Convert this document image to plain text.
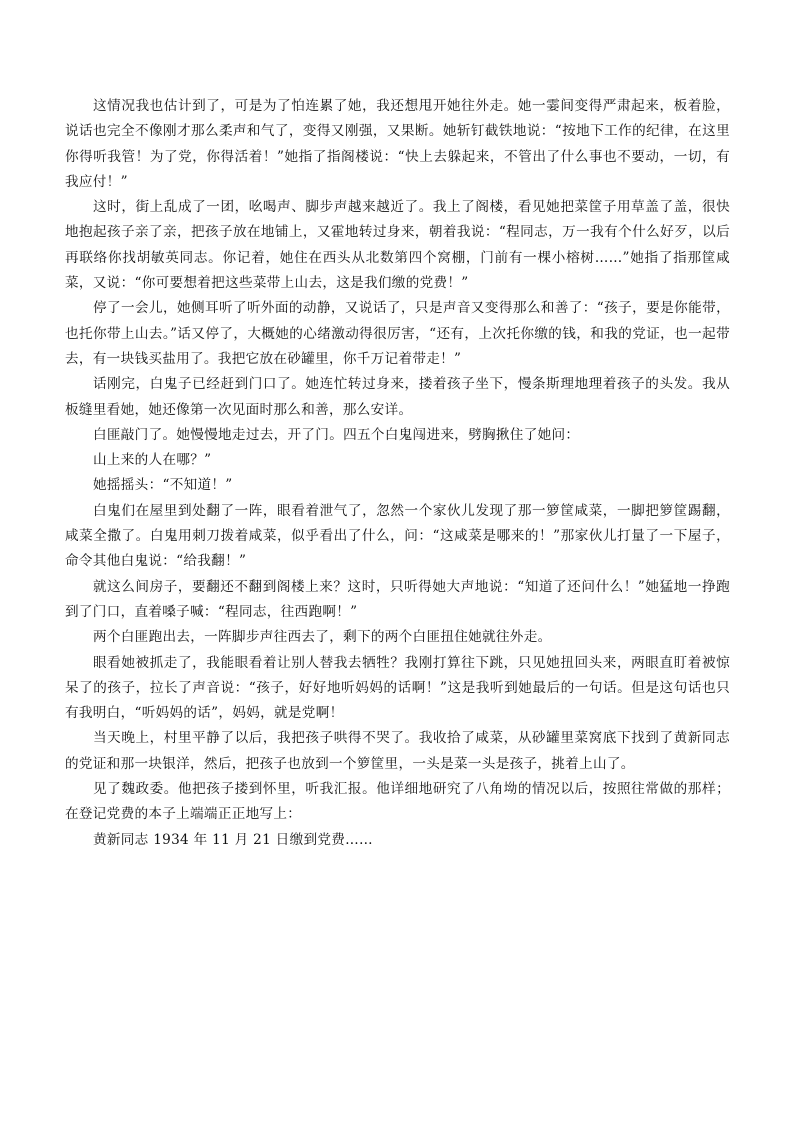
这情况我也估计到了，可是为了怕连累了她，我还想甩开她往外走。她一霎间变得严肃起来，板着脸，说话也完全不像刚才那么柔声和气了，变得又刚强，又果断。她斩钉截铁地说：“按地下工作的纪律，在这里你得听我管！为了党，你得活着！”她指了指阁楼说：“快上去躲起来，不管出了什么事也不要动，一切，有我应付！”

这时，街上乱成了一团，吆喝声、脚步声越来越近了。我上了阁楼，看见她把菜筐子用草盖了盖，很快地抱起孩子亲了亲，把孩子放在地铺上，又霍地转过身来，朝着我说：“程同志，万一我有个什么好歹，以后再联络你找胡敏英同志。你记着，她住在西头从北数第四个窝棚，门前有一棵小榕树……”她指了指那筐咸菜，又说：“你可要想着把这些菜带上山去，这是我们缴的党费！”

停了一会儿，她侧耳听了听外面的动静，又说话了，只是声音又变得那么和善了：“孩子，要是你能带，也托你带上山去。”话又停了，大概她的心绪激动得很厉害，“还有，上次托你缴的钱，和我的党证，也一起带去，有一块钱买盐用了。我把它放在砂罐里，你千万记着带走！”

话刚完，白鬼子已经赶到门口了。她连忙转过身来，搂着孩子坐下，慢条斯理地理着孩子的头发。我从板缝里看她，她还像第一次见面时那么和善，那么安详。

白匪敲门了。她慢慢地走过去，开了门。四五个白鬼闯进来，劈胸揪住了她问：

山上来的人在哪？”

她摇摇头：“不知道！”

白鬼们在屋里到处翻了一阵，眼看着泄气了，忽然一个家伙儿发现了那一箩筐咸菜，一脚把箩筐踢翻，咸菜全撒了。白鬼用刺刀拨着咸菜，似乎看出了什么，问：“这咸菜是哪来的！”那家伙儿打量了一下屋子，命令其他白鬼说：“给我翻！”

就这么间房子，要翻还不翻到阁楼上来？这时，只听得她大声地说：“知道了还问什么！”她猛地一挣跑到了门口，直着嗓子喊：“程同志，往西跑啊！”

两个白匪跑出去，一阵脚步声往西去了，剩下的两个白匪扭住她就往外走。

眼看她被抓走了，我能眼看着让别人替我去牺牲？我刚打算往下跳，只见她扭回头来，两眼直盯着被惊呆了的孩子，拉长了声音说：“孩子，好好地听妈妈的话啊！”这是我听到她最后的一句话。但是这句话也只有我明白，“听妈妈的话”，妈妈，就是党啊！

当天晚上，村里平静了以后，我把孩子哄得不哭了。我收拾了咸菜，从砂罐里菜窝底下找到了黄新同志的党证和那一块银洋，然后，把孩子也放到一个箩筐里，一头是菜一头是孩子，挑着上山了。

见了魏政委。他把孩子搂到怀里，听我汇报。他详细地研究了八角坳的情况以后，按照往常做的那样；在登记党费的本子上端端正正地写上：

黄新同志 1934 年 11 月 21 日缴到党费……
